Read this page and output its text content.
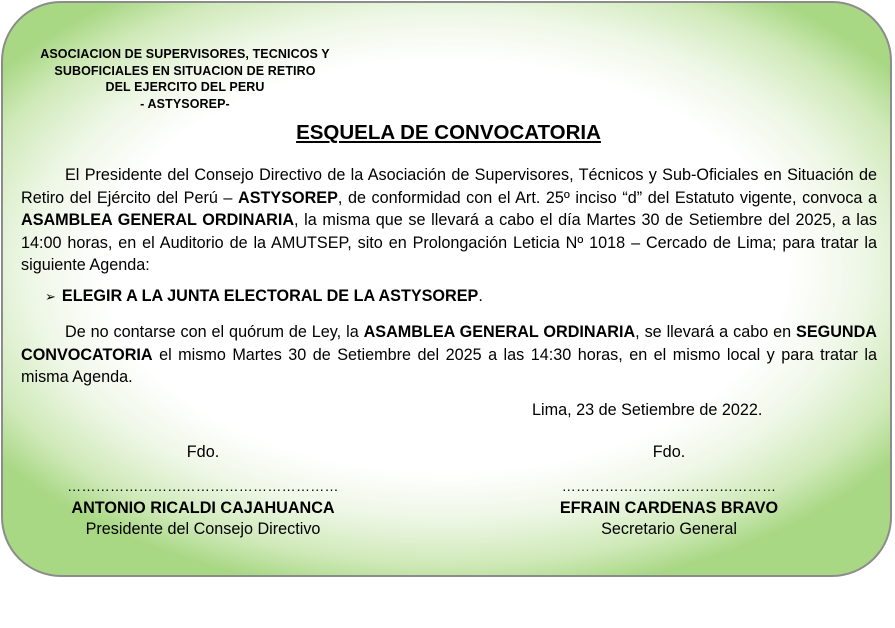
ASOCIACION DE SUPERVISORES, TECNICOS Y
SUBOFICIALES EN SITUACION DE RETIRO
DEL EJERCITO DEL PERU
- ASTYSOREP-
ESQUELA DE CONVOCATORIA
El Presidente del Consejo Directivo de la Asociación de Supervisores, Técnicos y Sub-Oficiales en Situación de Retiro del Ejército del Perú – ASTYSOREP, de conformidad con el Art. 25º inciso “d” del Estatuto vigente, convoca a ASAMBLEA GENERAL ORDINARIA, la misma que se llevará a cabo el día Martes 30 de Setiembre del 2025, a las 14:00 horas, en el Auditorio de la AMUTSEP, sito en Prolongación Leticia Nº 1018 – Cercado de Lima; para tratar la siguiente Agenda:
➢ ELEGIR A LA JUNTA ELECTORAL DE LA ASTYSOREP.
De no contarse con el quórum de Ley, la ASAMBLEA GENERAL ORDINARIA, se llevará a cabo en SEGUNDA CONVOCATORIA el mismo Martes 30 de Setiembre del 2025 a las 14:30 horas, en el mismo local y para tratar la misma Agenda.
Lima, 23 de Setiembre de 2022.
Fdo.
…………………………………………………
ANTONIO RICALDI CAJAHUANCA
Presidente del Consejo Directivo
Fdo.
………………………………………
EFRAIN CARDENAS BRAVO
Secretario General
